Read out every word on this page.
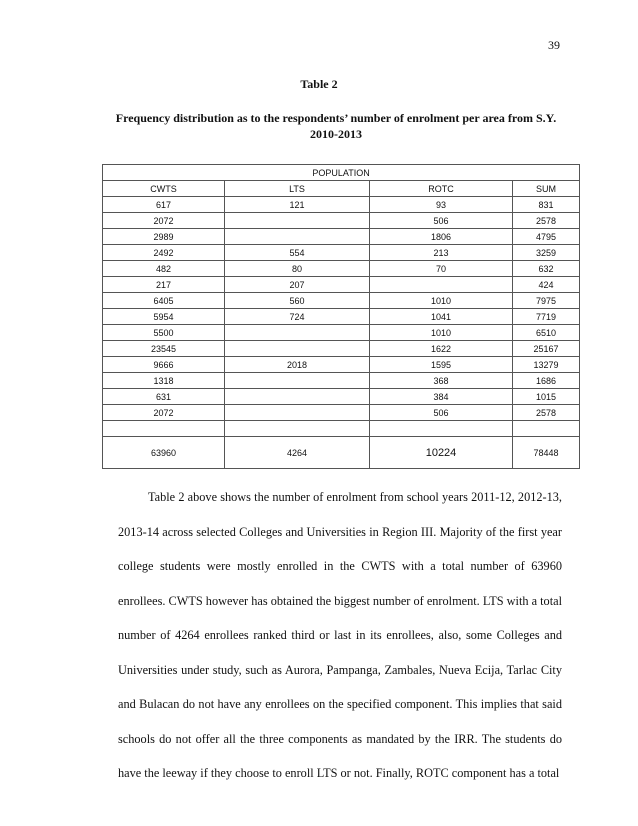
39
Table 2
Frequency distribution as to the respondents’ number of enrolment per area from S.Y. 2010-2013
POPULATION			
CWTS	LTS	ROTC	SUM
617	121	93	831
2072		506	2578
2989		1806	4795
2492	554	213	3259
482	80	70	632
217	207		424
6405	560	1010	7975
5954	724	1041	7719
5500		1010	6510
23545		1622	25167
9666	2018	1595	13279
1318		368	1686
631		384	1015
2072		506	2578

63960	4264	10224	78448

Table 2 above shows the number of enrolment from school years 2011-12, 2012-13, 2013-14 across selected Colleges and Universities in Region III. Majority of the first year college students were mostly enrolled in the CWTS with a total number of 63960 enrollees. CWTS however has obtained the biggest number of enrolment. LTS with a total number of 4264 enrollees ranked third or last in its enrollees, also, some Colleges and Universities under study, such as Aurora, Pampanga, Zambales, Nueva Ecija, Tarlac City and Bulacan do not have any enrollees on the specified component. This implies that said schools do not offer all the three components as mandated by the IRR. The students do have the leeway if they choose to enroll LTS or not. Finally, ROTC component has a total
